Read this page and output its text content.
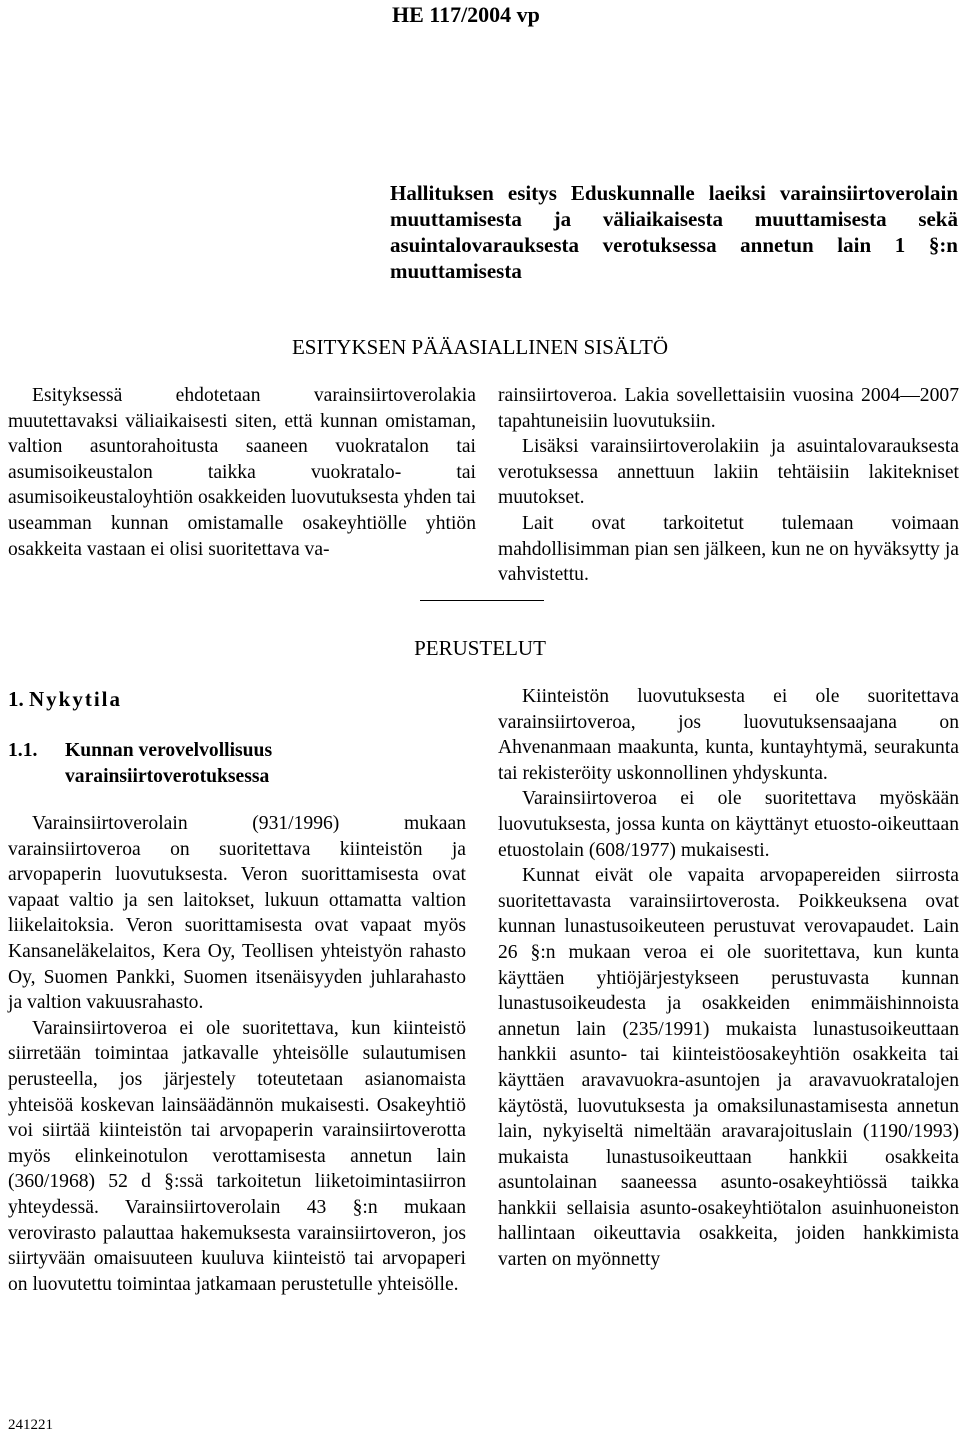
HE 117/2004 vp
Hallituksen esitys Eduskunnalle laeiksi varainsiirtoverolain muuttamisesta ja väliaikaisesta muuttamisesta sekä asuintalovarauksesta verotuksessa annetun lain 1 §:n muuttamisesta
ESITYKSEN PÄÄASIALLINEN SISÄLTÖ

Esityksessä ehdotetaan varainsiirtoverolakia muutettavaksi väliaikaisesti siten, että kunnan omistaman, valtion asuntorahoitusta saaneen vuokratalon tai asumisoikeustalon taikka vuokratalo- tai asumisoikeustaloyhtiön osakkeiden luovutuksesta yhden tai useamman kunnan omistamalle osakeyhtiölle yhtiön osakkeita vastaan ei olisi suoritettava va-

rainsiirtoveroa. Lakia sovellettaisiin vuosina 2004—2007 tapahtuneisiin luovutuksiin.

Lisäksi varainsiirtoverolakiin ja asuintalovarauksesta verotuksessa annettuun lakiin tehtäisiin lakitekniset muutokset.

Lait ovat tarkoitetut tulemaan voimaan mahdollisimman pian sen jälkeen, kun ne on hyväksytty ja vahvistettu.

PERUSTELUT
1. Nykytila
1.1.	Kunnan verovelvollisuus varainsiirtoverotuksessa

Varainsiirtoverolain (931/1996) mukaan varainsiirtoveroa on suoritettava kiinteistön ja arvopaperin luovutuksesta. Veron suorittamisesta ovat vapaat valtio ja sen laitokset, lukuun ottamatta valtion liikelaitoksia. Veron suorittamisesta ovat vapaat myös Kansaneläkelaitos, Kera Oy, Teollisen yhteistyön rahasto Oy, Suomen Pankki, Suomen itsenäisyyden juhlarahasto ja valtion vakuusrahasto.

Varainsiirtoveroa ei ole suoritettava, kun kiinteistö siirretään toimintaa jatkavalle yhteisölle sulautumisen perusteella, jos järjestely toteutetaan asianomaista yhteisöä koskevan lainsäädännön mukaisesti. Osakeyhtiö voi siirtää kiinteistön tai arvopaperin varainsiirtoverotta myös elinkeinotulon verottamisesta annetun lain (360/1968) 52 d §:ssä tarkoitetun liiketoimintasiirron yhteydessä. Varainsiirtoverolain 43 §:n mukaan verovirasto palauttaa hakemuksesta varainsiirtoveron, jos siirtyvään omaisuuteen kuuluva kiinteistö tai arvopaperi on luovutettu toimintaa jatkamaan perustetulle yhteisölle.

Kiinteistön luovutuksesta ei ole suoritettava varainsiirtoveroa, jos luovutuksensaajana on Ahvenanmaan maakunta, kunta, kuntayhtymä, seurakunta tai rekisteröity uskonnollinen yhdyskunta.

Varainsiirtoveroa ei ole suoritettava myöskään luovutuksesta, jossa kunta on käyttänyt etuosto-oikeuttaan etuostolain (608/1977) mukaisesti.

Kunnat eivät ole vapaita arvopapereiden siirrosta suoritettavasta varainsiirtoverosta. Poikkeuksena ovat kunnan lunastusoikeuteen perustuvat verovapaudet. Lain 26 §:n mukaan veroa ei ole suoritettava, kun kunta käyttäen yhtiöjärjestykseen perustuvasta kunnan lunastusoikeudesta ja osakkeiden enimmäishinnoista annetun lain (235/1991) mukaista lunastusoikeuttaan hankkii asunto- tai kiinteistöosakeyhtiön osakkeita tai käyttäen aravavuokra-asuntojen ja aravavuokratalojen käytöstä, luovutuksesta ja omaksilunastamisesta annetun lain, nykyiseltä nimeltään aravarajoituslain (1190/1993) mukaista lunastusoikeuttaan hankkii osakkeita asuntolainan saaneessa asunto-osakeyhtiössä taikka hankkii sellaisia asunto-osakeyhtiötalon asuinhuoneiston hallintaan oikeuttavia osakkeita, joiden hankkimista varten on myönnetty

241221
